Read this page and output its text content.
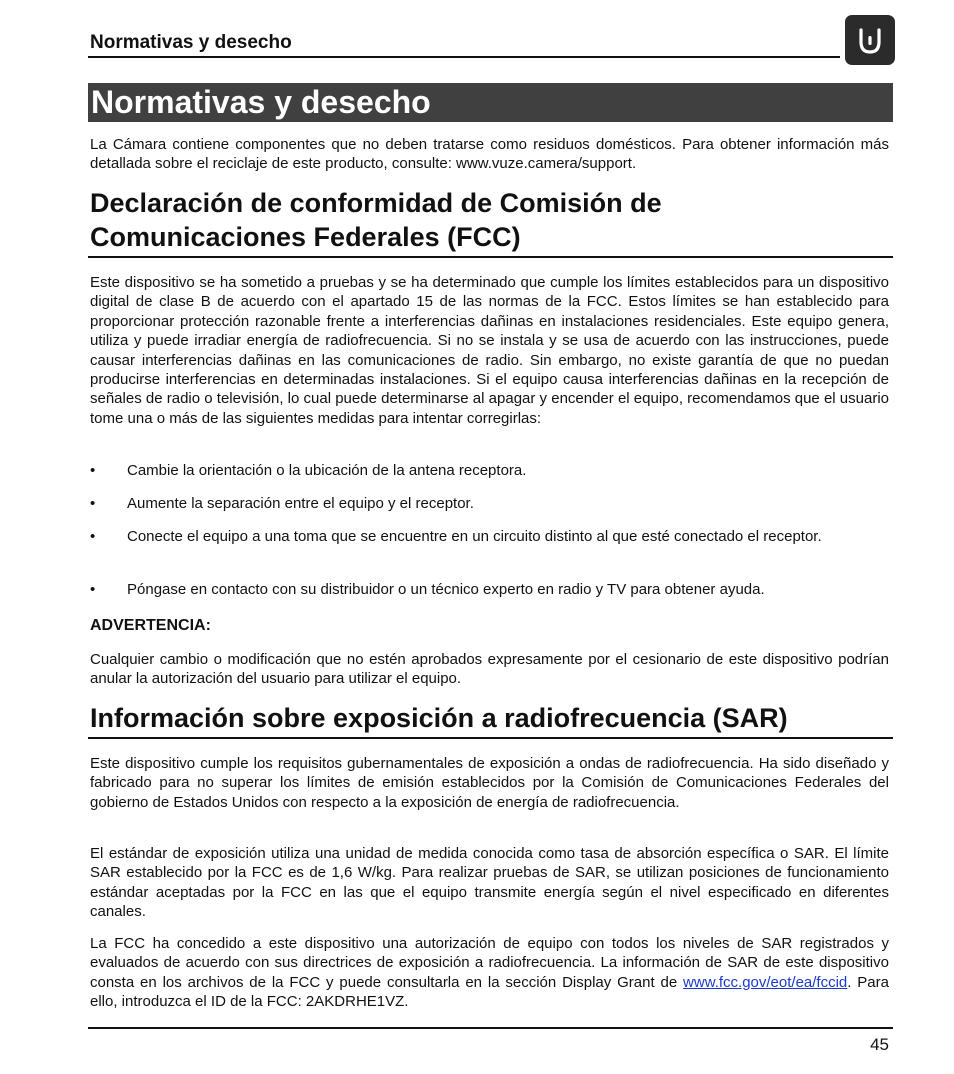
Normativas y desecho
Normativas y desecho

La Cámara contiene componentes que no deben tratarse como residuos domésticos. Para obtener información más detallada sobre el reciclaje de este producto, consulte: www.vuze.camera/support.

Declaración de conformidad de Comisión de
Comunicaciones Federales (FCC)

Este dispositivo se ha sometido a pruebas y se ha determinado que cumple los límites establecidos para un dispositivo digital de clase B de acuerdo con el apartado 15 de las normas de la FCC. Estos límites se han establecido para proporcionar protección razonable frente a interferencias dañinas en instalaciones residenciales. Este equipo genera, utiliza y puede irradiar energía de radiofrecuencia. Si no se instala y se usa de acuerdo con las instrucciones, puede causar interferencias dañinas en las comunicaciones de radio. Sin embargo, no existe garantía de que no puedan producirse interferencias en determinadas instalaciones. Si el equipo causa interferencias dañinas en la recepción de señales de radio o televisión, lo cual puede determinarse al apagar y encender el equipo, recomendamos que el usuario tome una o más de las siguientes medidas para intentar corregirlas:

• Cambie la orientación o la ubicación de la antena receptora.
• Aumente la separación entre el equipo y el receptor.
• Conecte el equipo a una toma que se encuentre en un circuito distinto al que esté conectado el receptor.
• Póngase en contacto con su distribuidor o un técnico experto en radio y TV para obtener ayuda.

ADVERTENCIA:

Cualquier cambio o modificación que no estén aprobados expresamente por el cesionario de este dispositivo podrían anular la autorización del usuario para utilizar el equipo.

Información sobre exposición a radiofrecuencia (SAR)

Este dispositivo cumple los requisitos gubernamentales de exposición a ondas de radiofrecuencia. Ha sido diseñado y fabricado para no superar los límites de emisión establecidos por la Comisión de Comunicaciones Federales del gobierno de Estados Unidos con respecto a la exposición de energía de radiofrecuencia.

El estándar de exposición utiliza una unidad de medida conocida como tasa de absorción específica o SAR. El límite SAR establecido por la FCC es de 1,6 W/kg. Para realizar pruebas de SAR, se utilizan posiciones de funcionamiento estándar aceptadas por la FCC en las que el equipo transmite energía según el nivel especificado en diferentes canales.

La FCC ha concedido a este dispositivo una autorización de equipo con todos los niveles de SAR registrados y evaluados de acuerdo con sus directrices de exposición a radiofrecuencia. La información de SAR de este dispositivo consta en los archivos de la FCC y puede consultarla en la sección Display Grant de www.fcc.gov/eot/ea/fccid. Para ello, introduzca el ID de la FCC: 2AKDRHE1VZ.

45
